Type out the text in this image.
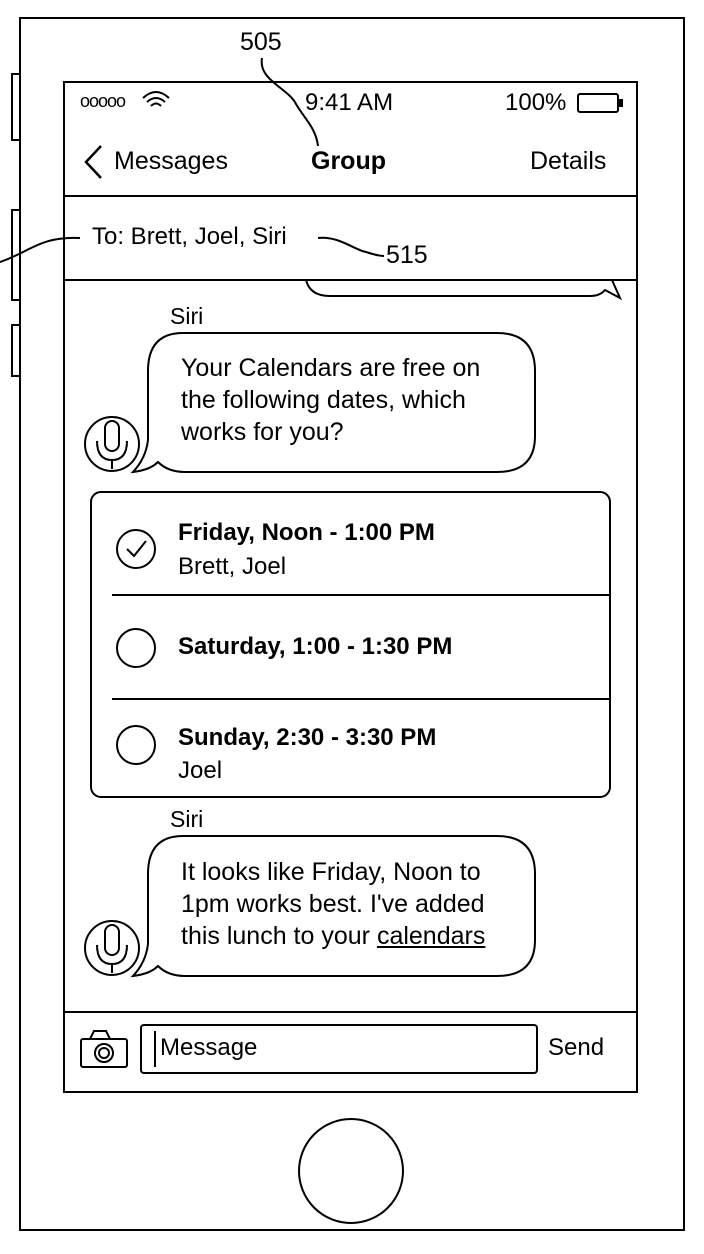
505
515
ooooo	9:41 AM	100%
Messages	Group	Details
To: Brett, Joel, Siri
Siri
Your Calendars are free on
the following dates, which
works for you?
Friday, Noon - 1:00 PM
Brett, Joel
Saturday, 1:00 - 1:30 PM
Sunday, 2:30 - 3:30 PM
Joel
Siri
It looks like Friday, Noon to
1pm works best. I've added
this lunch to your calendars
Message	Send
